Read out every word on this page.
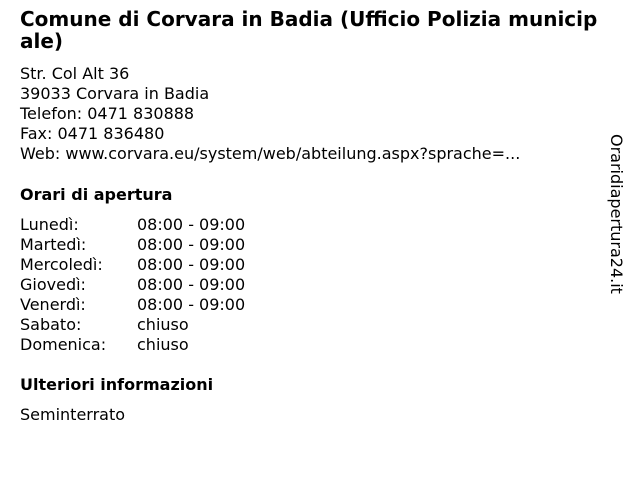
Comune di Corvara in Badia (Ufficio Polizia municipale)
Str. Col Alt 36
39033 Corvara in Badia
Telefon: 0471 830888
Fax: 0471 836480
Web: www.corvara.eu/system/web/abteilung.aspx?sprache=...
Orari di apertura
Lunedì:	08:00 - 09:00
Martedì:	08:00 - 09:00
Mercoledì:	08:00 - 09:00
Giovedì:	08:00 - 09:00
Venerdì:	08:00 - 09:00
Sabato:	chiuso
Domenica:	chiuso
Ulteriori informazioni
Seminterrato
Oraridiapertura24.it
